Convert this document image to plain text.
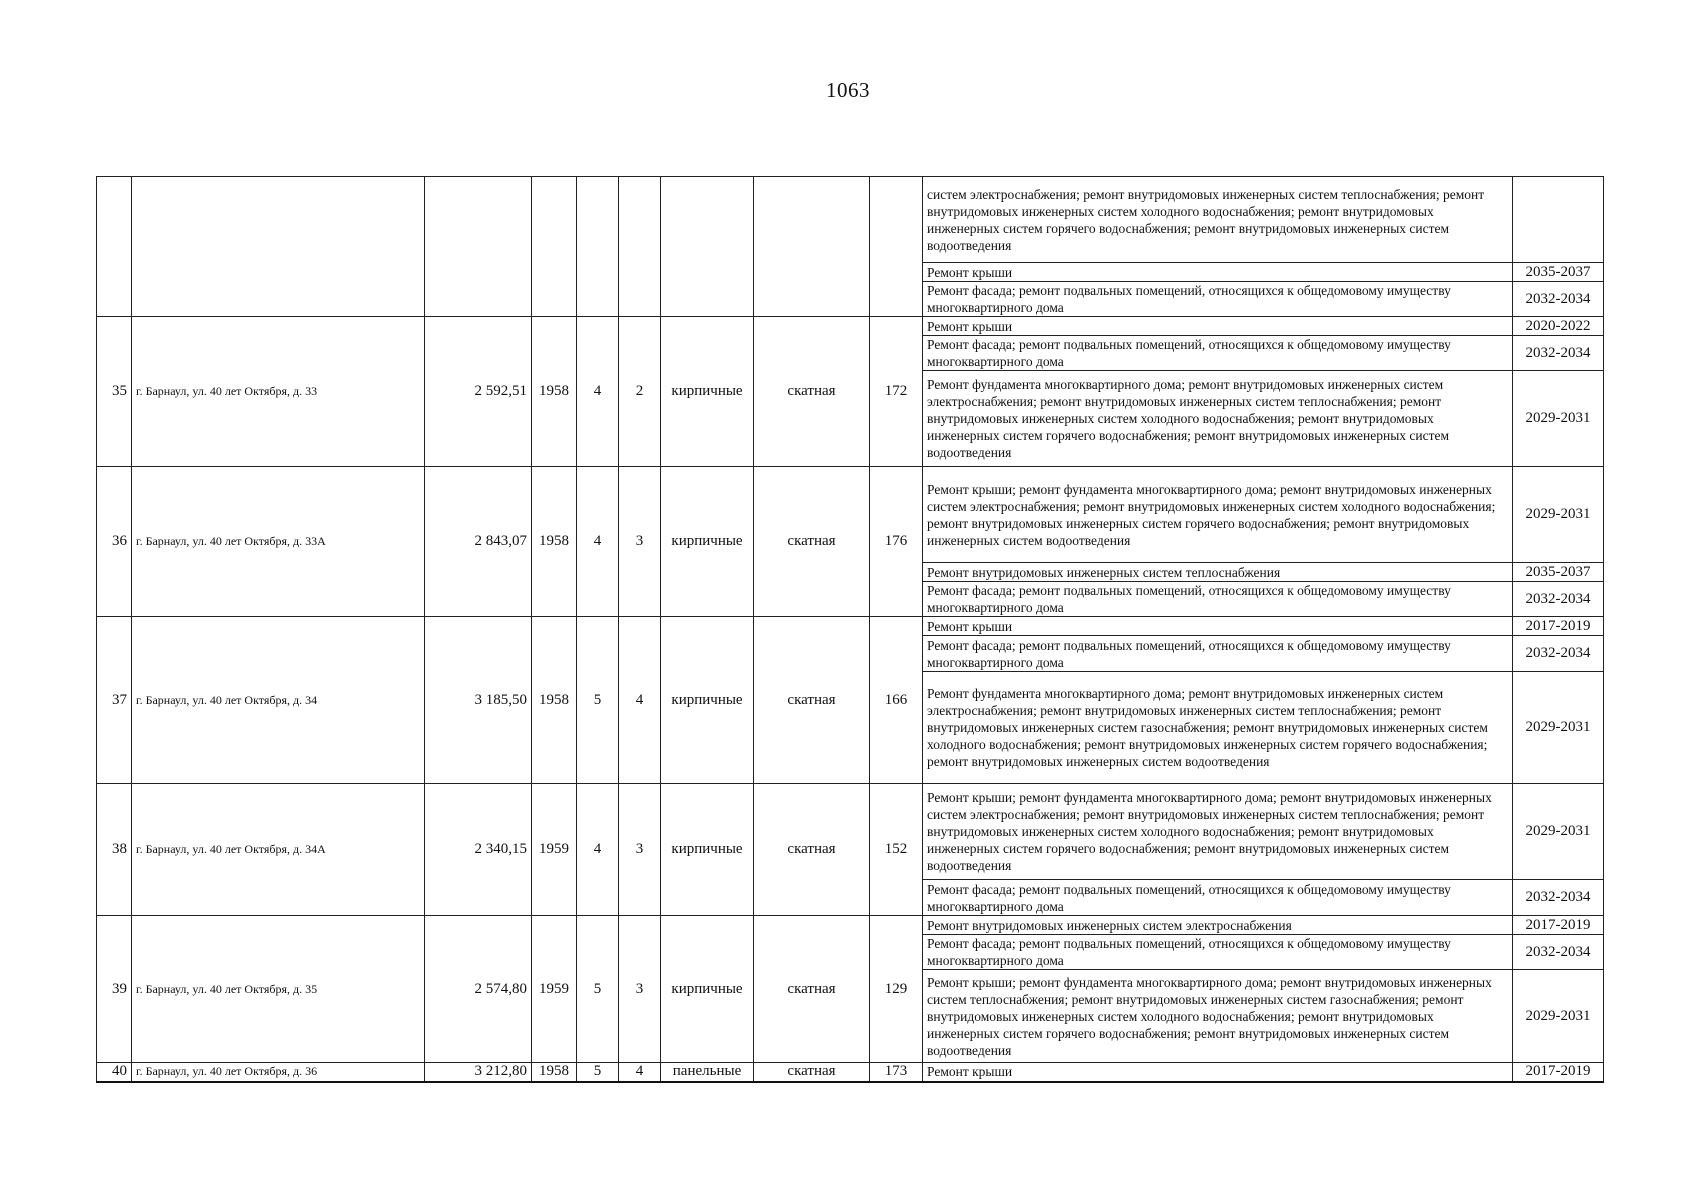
1063
									систем электроснабжения; ремонт внутридомовых инженерных систем теплоснабжения; ремонт внутридомовых инженерных систем холодного водоснабжения; ремонт внутридомовых инженерных систем горячего водоснабжения; ремонт внутридомовых инженерных систем водоотведения	
									Ремонт крыши	2035-2037
									Ремонт фасада; ремонт подвальных помещений, относящихся к общедомовому имуществу многоквартирного дома	2032-2034
35	г. Барнаул, ул. 40 лет Октября, д. 33	2 592,51	1958	4	2	кирпичные	скатная	172	Ремонт крыши	2020-2022
									Ремонт фасада; ремонт подвальных помещений, относящихся к общедомовому имуществу многоквартирного дома	2032-2034
									Ремонт фундамента многоквартирного дома; ремонт внутридомовых инженерных систем электроснабжения; ремонт внутридомовых инженерных систем теплоснабжения; ремонт внутридомовых инженерных систем холодного водоснабжения; ремонт внутридомовых инженерных систем горячего водоснабжения; ремонт внутридомовых инженерных систем водоотведения	2029-2031
36	г. Барнаул, ул. 40 лет Октября, д. 33А	2 843,07	1958	4	3	кирпичные	скатная	176	Ремонт крыши; ремонт фундамента многоквартирного дома; ремонт внутридомовых инженерных систем электроснабжения; ремонт внутридомовых инженерных систем холодного водоснабжения; ремонт внутридомовых инженерных систем горячего водоснабжения; ремонт внутридомовых инженерных систем водоотведения	2029-2031
									Ремонт внутридомовых инженерных систем теплоснабжения	2035-2037
									Ремонт фасада; ремонт подвальных помещений, относящихся к общедомовому имуществу многоквартирного дома	2032-2034
37	г. Барнаул, ул. 40 лет Октября, д. 34	3 185,50	1958	5	4	кирпичные	скатная	166	Ремонт крыши	2017-2019
									Ремонт фасада; ремонт подвальных помещений, относящихся к общедомовому имуществу многоквартирного дома	2032-2034
									Ремонт фундамента многоквартирного дома; ремонт внутридомовых инженерных систем электроснабжения; ремонт внутридомовых инженерных систем теплоснабжения; ремонт внутридомовых инженерных систем газоснабжения; ремонт внутридомовых инженерных систем холодного водоснабжения; ремонт внутридомовых инженерных систем горячего водоснабжения; ремонт внутридомовых инженерных систем водоотведения	2029-2031
38	г. Барнаул, ул. 40 лет Октября, д. 34А	2 340,15	1959	4	3	кирпичные	скатная	152	Ремонт крыши; ремонт фундамента многоквартирного дома; ремонт внутридомовых инженерных систем электроснабжения; ремонт внутридомовых инженерных систем теплоснабжения; ремонт внутридомовых инженерных систем холодного водоснабжения; ремонт внутридомовых инженерных систем горячего водоснабжения; ремонт внутридомовых инженерных систем водоотведения	2029-2031
									Ремонт фасада; ремонт подвальных помещений, относящихся к общедомовому имуществу многоквартирного дома	2032-2034
39	г. Барнаул, ул. 40 лет Октября, д. 35	2 574,80	1959	5	3	кирпичные	скатная	129	Ремонт внутридомовых инженерных систем электроснабжения	2017-2019
									Ремонт фасада; ремонт подвальных помещений, относящихся к общедомовому имуществу многоквартирного дома	2032-2034
									Ремонт крыши; ремонт фундамента многоквартирного дома; ремонт внутридомовых инженерных систем теплоснабжения; ремонт внутридомовых инженерных систем газоснабжения; ремонт внутридомовых инженерных систем холодного водоснабжения; ремонт внутридомовых инженерных систем горячего водоснабжения; ремонт внутридомовых инженерных систем водоотведения	2029-2031
40	г. Барнаул, ул. 40 лет Октября, д. 36	3 212,80	1958	5	4	панельные	скатная	173	Ремонт крыши	2017-2019
